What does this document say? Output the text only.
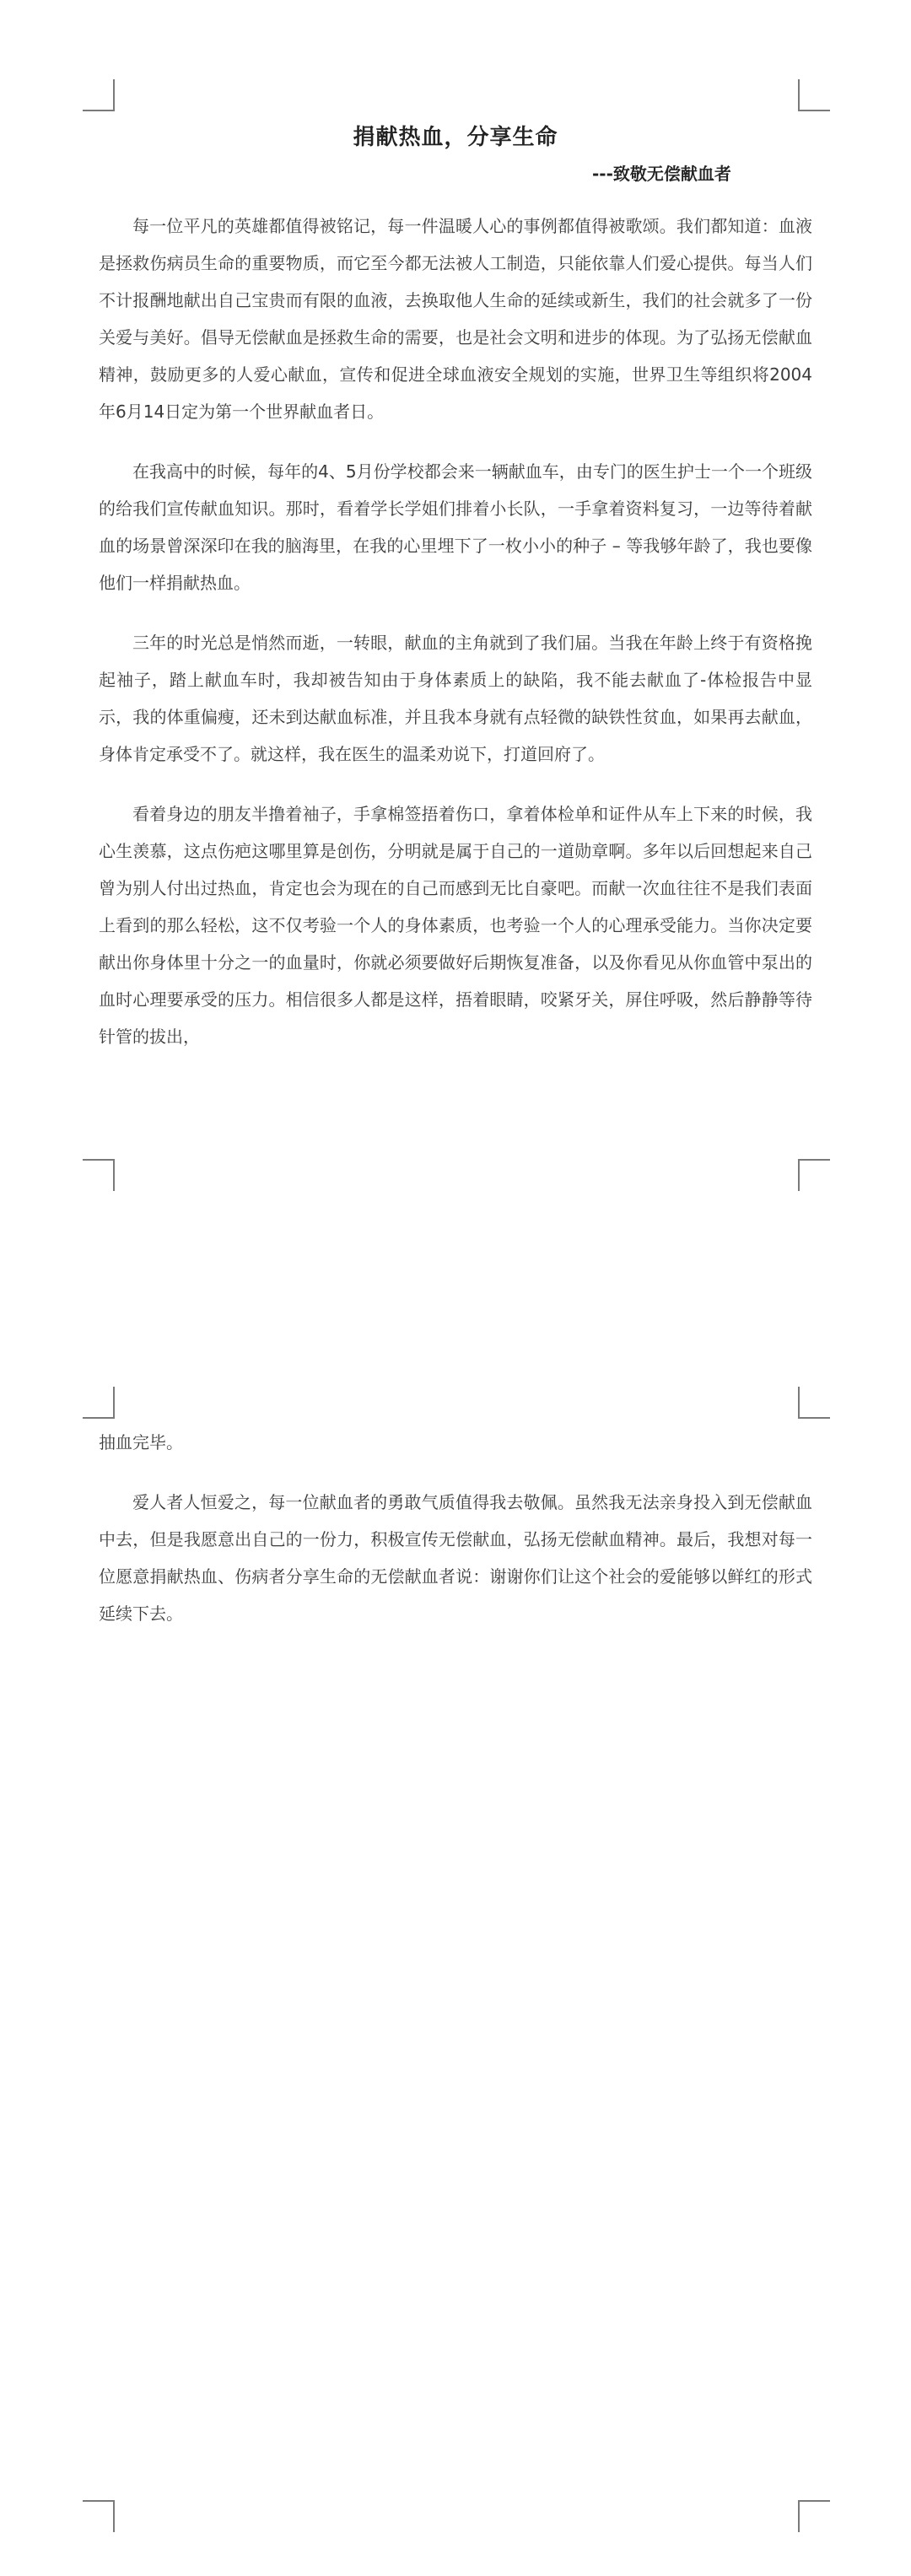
捐献热血，分享生命
---致敬无偿献血者

每一位平凡的英雄都值得被铭记，每一件温暖人心的事例都值得被歌颂。我们都知道：血液是拯救伤病员生命的重要物质，而它至今都无法被人工制造，只能依靠人们爱心提供。每当人们不计报酬地献出自己宝贵而有限的血液，去换取他人生命的延续或新生，我们的社会就多了一份关爱与美好。倡导无偿献血是拯救生命的需要，也是社会文明和进步的体现。为了弘扬无偿献血精神，鼓励更多的人爱心献血，宣传和促进全球血液安全规划的实施，世界卫生等组织将2004年6月14日定为第一个世界献血者日。

在我高中的时候，每年的4、5月份学校都会来一辆献血车，由专门的医生护士一个一个班级的给我们宣传献血知识。那时，看着学长学姐们排着小长队，一手拿着资料复习，一边等待着献血的场景曾深深印在我的脑海里，在我的心里埋下了一枚小小的种子 – 等我够年龄了，我也要像他们一样捐献热血。

三年的时光总是悄然而逝，一转眼，献血的主角就到了我们届。当我在年龄上终于有资格挽起袖子，踏上献血车时，我却被告知由于身体素质上的缺陷，我不能去献血了-体检报告中显示，我的体重偏瘦，还未到达献血标准，并且我本身就有点轻微的缺铁性贫血，如果再去献血，身体肯定承受不了。就这样，我在医生的温柔劝说下，打道回府了。

看着身边的朋友半撸着袖子，手拿棉签捂着伤口，拿着体检单和证件从车上下来的时候，我心生羡慕，这点伤疤这哪里算是创伤，分明就是属于自己的一道勋章啊。多年以后回想起来自己曾为别人付出过热血，肯定也会为现在的自己而感到无比自豪吧。而献一次血往往不是我们表面上看到的那么轻松，这不仅考验一个人的身体素质，也考验一个人的心理承受能力。当你决定要献出你身体里十分之一的血量时，你就必须要做好后期恢复准备，以及你看见从你血管中泵出的血时心理要承受的压力。相信很多人都是这样，捂着眼睛，咬紧牙关，屏住呼吸，然后静静等待针管的拔出，

抽血完毕。

爱人者人恒爱之，每一位献血者的勇敢气质值得我去敬佩。虽然我无法亲身投入到无偿献血中去，但是我愿意出自己的一份力，积极宣传无偿献血，弘扬无偿献血精神。最后，我想对每一位愿意捐献热血、伤病者分享生命的无偿献血者说：谢谢你们让这个社会的爱能够以鲜红的形式延续下去。
